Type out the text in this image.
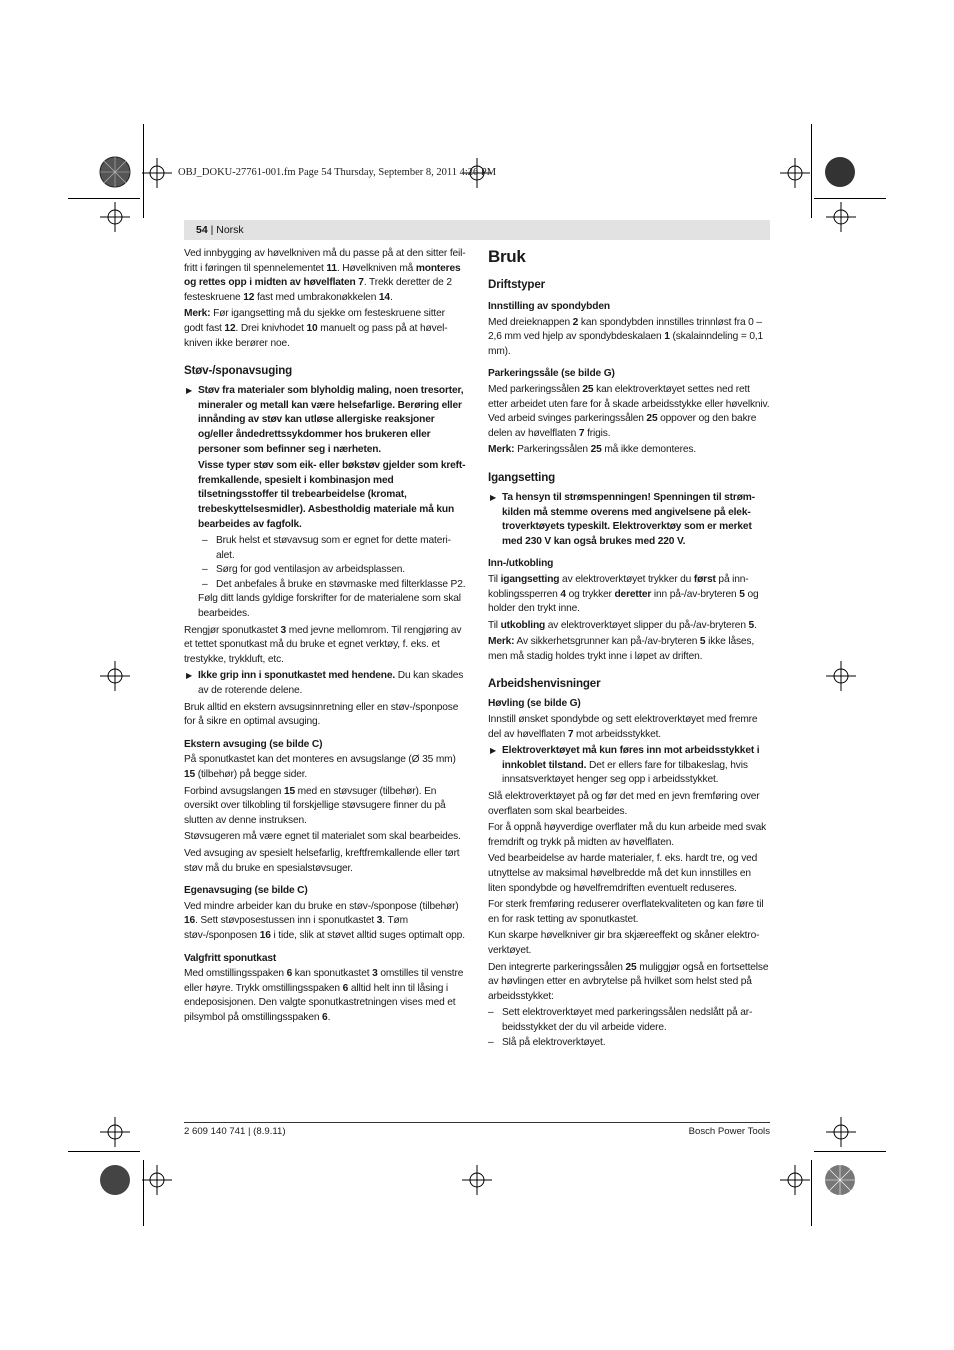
OBJ_DOKU-27761-001.fm Page 54 Thursday, September 8, 2011 4:26 PM
54 | Norsk

Ved innbygging av høvelkniven må du passe på at den sitter feilfritt i føringen til spennelementet 11. Høvelkniven må monteres og rettes opp i midten av høvelflaten 7. Trekk deretter de 2 festeskruene 12 fast med umbrakonøkkelen 14.

Merk: Før igangsetting må du sjekke om festeskruene sitter godt fast 12. Drei knivhodet 10 manuelt og pass på at høvelkniven ikke berører noe.

Støv-/sponavsuging

▶ Støv fra materialer som blyholdig maling, noen tresorter, mineraler og metall kan være helsefarlige. Berøring eller innånding av støv kan utløse allergiske reaksjoner og/eller åndedrettssykdommer hos brukeren eller personer som befinner seg i nærheten.

Visse typer støv som eik- eller bøkstøv gjelder som kreftfremkallende, spesielt i kombinasjon med tilsetningsstoffer til trebearbeidelse (kromat, trebeskyttelsesmidler). Asbestholdig materiale må kun bearbeides av fagfolk.

– Bruk helst et støvavsug som er egnet for dette materialet.
– Sørg for god ventilasjon av arbeidsplassen.
– Det anbefales å bruke en støvmaske med filterklasse P2.

Følg ditt lands gyldige forskrifter for de materialene som skal bearbeides.

Rengjør sponutkastet 3 med jevne mellomrom. Til rengjøring av et tettet sponutkast må du bruke et egnet verktøy, f. eks. et trestykke, trykkluft, etc.

▶ Ikke grip inn i sponutkastet med hendene. Du kan skades av de roterende delene.

Bruk alltid en ekstern avsugsinnretning eller en støv-/sponpose for å sikre en optimal avsuging.

Ekstern avsuging (se bilde C)

På sponutkastet kan det monteres en avsugslange (Ø 35 mm) 15 (tilbehør) på begge sider.

Forbind avsugslangen 15 med en støvsuger (tilbehør). En oversikt over tilkobling til forskjellige støvsugere finner du på slutten av denne instruksen.

Støvsugeren må være egnet til materialet som skal bearbeides.

Ved avsuging av spesielt helsefarlig, kreftfremkallende eller tørt støv må du bruke en spesialstøvsuger.

Egenavsuging (se bilde C)

Ved mindre arbeider kan du bruke en støv-/sponpose (tilbehør) 16. Sett støvposestussen inn i sponutkastet 3. Tøm støv-/sponposen 16 i tide, slik at støvet alltid suges optimalt opp.

Valgfritt sponutkast

Med omstillingsspaken 6 kan sponutkastet 3 omstilles til venstre eller høyre. Trykk omstillingsspaken 6 alltid helt inn til låsing i endeposisjonen. Den valgte sponutkastretningen vises med et pilsymbol på omstillingsspaken 6.

Bruk
Driftstyper
Innstilling av spondybden

Med dreieknappen 2 kan spondybden innstilles trinnløst fra 0 – 2,6 mm ved hjelp av spondybdeskalaen 1 (skalainndeling = 0,1 mm).

Parkeringssåle (se bilde G)

Med parkeringssålen 25 kan elektroverktøyet settes ned rett etter arbeidet uten fare for å skade arbeidsstykke eller høvelkniv. Ved arbeid svinges parkeringssålen 25 oppover og den bakre delen av høvelflaten 7 frigis.

Merk: Parkeringssålen 25 må ikke demonteres.

Igangsetting

▶ Ta hensyn til strømspenningen! Spenningen til strømkilden må stemme overens med angivelsene på elektroverktøyets typeskilt. Elektroverktøy som er merket med 230 V kan også brukes med 220 V.

Inn-/utkobling

Til igangsetting av elektroverktøyet trykker du først på innkoblingssperren 4 og trykker deretter inn på-/av-bryteren 5 og holder den trykt inne.

Til utkobling av elektroverktøyet slipper du på-/av-bryteren 5.

Merk: Av sikkerhetsgrunner kan på-/av-bryteren 5 ikke låses, men må stadig holdes trykt inne i løpet av driften.

Arbeidshenvisninger
Høvling (se bilde G)

Innstill ønsket spondybde og sett elektroverktøyet med fremre del av høvelflaten 7 mot arbeidsstykket.

▶ Elektroverktøyet må kun føres inn mot arbeidsstykket i innkoblet tilstand. Det er ellers fare for tilbakeslag, hvis innsatsverktøyet henger seg opp i arbeidsstykket.

Slå elektroverktøyet på og før det med en jevn fremføring over overflaten som skal bearbeides.

For å oppnå høyverdige overflater må du kun arbeide med svak fremdrift og trykk på midten av høvelflaten.

Ved bearbeidelse av harde materialer, f. eks. hardt tre, og ved utnyttelse av maksimal høvelbredde må det kun innstilles en liten spondybde og høvelfremdriften eventuelt reduseres.

For sterk fremføring reduserer overflatekvaliteten og kan føre til en for rask tetting av sponutkastet.

Kun skarpe høvelkniver gir bra skjæreeffekt og skåner elektroverktøyet.

Den integrerte parkeringssålen 25 muliggjør også en fortsettelse av høvlingen etter en avbrytelse på hvilket som helst sted på arbeidsstykket:

– Sett elektroverktøyet med parkeringssålen nedslått på arbeidsstykket der du vil arbeide videre.
– Slå på elektroverktøyet.
2 609 140 741 | (8.9.11)	Bosch Power Tools
